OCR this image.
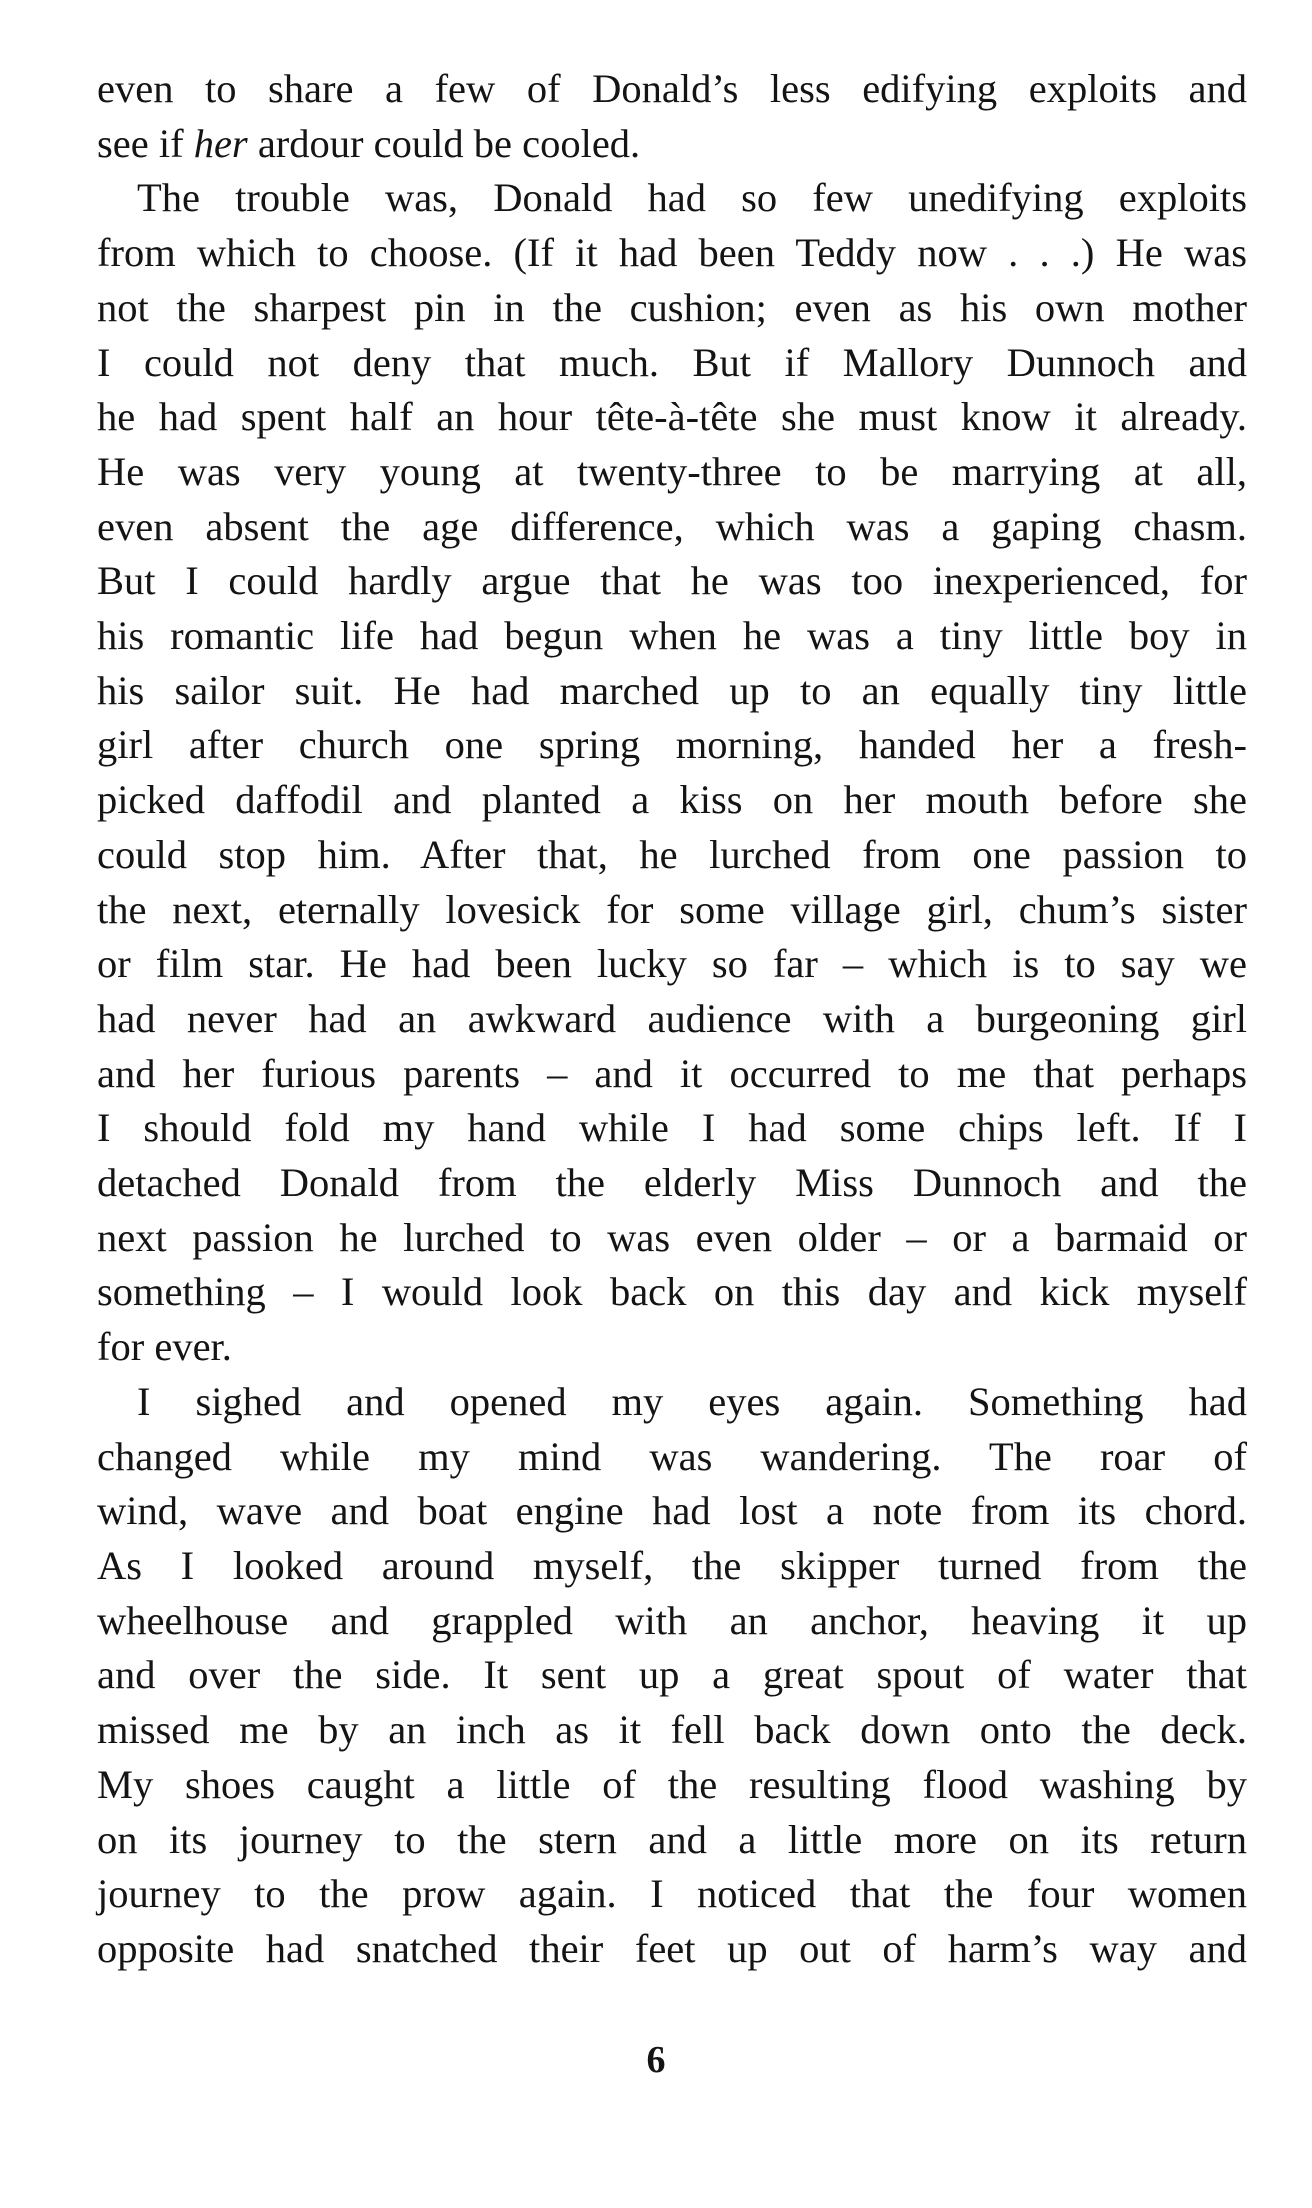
even to share a few of Donald’s less edifying exploits and
see if her ardour could be cooled.
The trouble was, Donald had so few unedifying exploits
from which to choose. (If it had been Teddy now . . .) He was
not the sharpest pin in the cushion; even as his own mother
I could not deny that much. But if Mallory Dunnoch and
he had spent half an hour tête-à-tête she must know it already.
He was very young at twenty-three to be marrying at all,
even absent the age difference, which was a gaping chasm.
But I could hardly argue that he was too inexperienced, for
his romantic life had begun when he was a tiny little boy in
his sailor suit. He had marched up to an equally tiny little
girl after church one spring morning, handed her a fresh-
picked daffodil and planted a kiss on her mouth before she
could stop him. After that, he lurched from one passion to
the next, eternally lovesick for some village girl, chum’s sister
or film star. He had been lucky so far – which is to say we
had never had an awkward audience with a burgeoning girl
and her furious parents – and it occurred to me that perhaps
I should fold my hand while I had some chips left. If I
detached Donald from the elderly Miss Dunnoch and the
next passion he lurched to was even older – or a barmaid or
something – I would look back on this day and kick myself
for ever.
I sighed and opened my eyes again. Something had
changed while my mind was wandering. The roar of
wind, wave and boat engine had lost a note from its chord.
As I looked around myself, the skipper turned from the
wheelhouse and grappled with an anchor, heaving it up
and over the side. It sent up a great spout of water that
missed me by an inch as it fell back down onto the deck.
My shoes caught a little of the resulting flood washing by
on its journey to the stern and a little more on its return
journey to the prow again. I noticed that the four women
opposite had snatched their feet up out of harm’s way and
6
